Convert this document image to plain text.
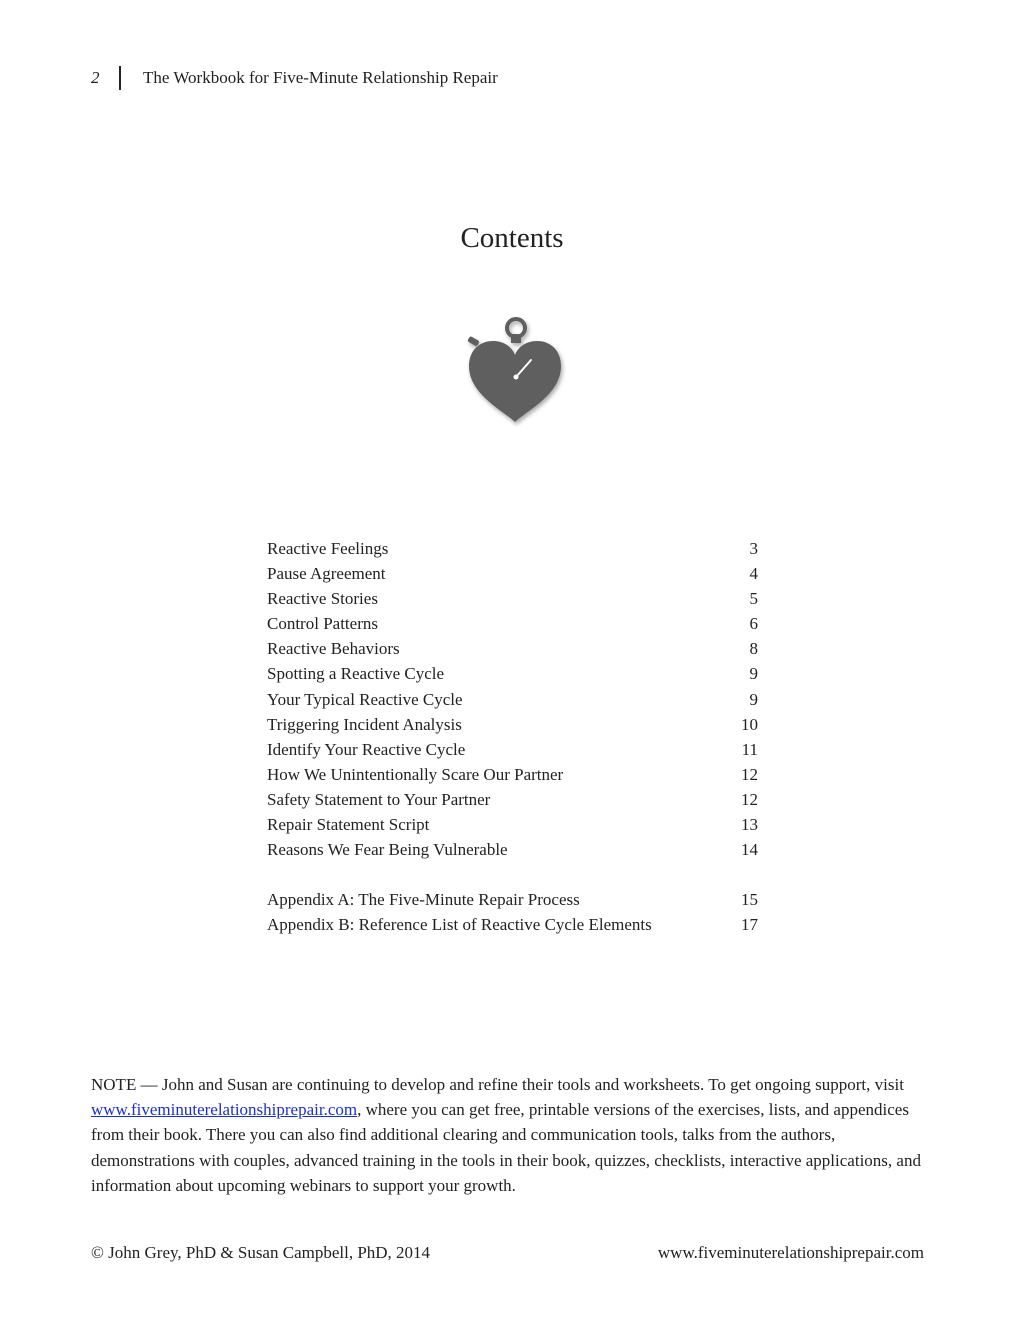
2	The Workbook for Five-Minute Relationship Repair
Contents
Reactive Feelings	3
Pause Agreement	4
Reactive Stories	5
Control Patterns	6
Reactive Behaviors	8
Spotting a Reactive Cycle	9
Your Typical Reactive Cycle	9
Triggering Incident Analysis	10
Identify Your Reactive Cycle	11
How We Unintentionally Scare Our Partner	12
Safety Statement to Your Partner	12
Repair Statement Script	13
Reasons We Fear Being Vulnerable	14
Appendix A: The Five-Minute Repair Process	15
Appendix B: Reference List of Reactive Cycle Elements	17
NOTE — John and Susan are continuing to develop and refine their tools and worksheets. To get ongoing support, visit www.fiveminuterelationshiprepair.com, where you can get free, printable versions of the exercises, lists, and appendices from their book. There you can also find additional clearing and communication tools, talks from the authors, demonstrations with couples, advanced training in the tools in their book, quizzes, checklists, interactive applications, and information about upcoming webinars to support your growth.
© John Grey, PhD & Susan Campbell, PhD, 2014	www.fiveminuterelationshiprepair.com
